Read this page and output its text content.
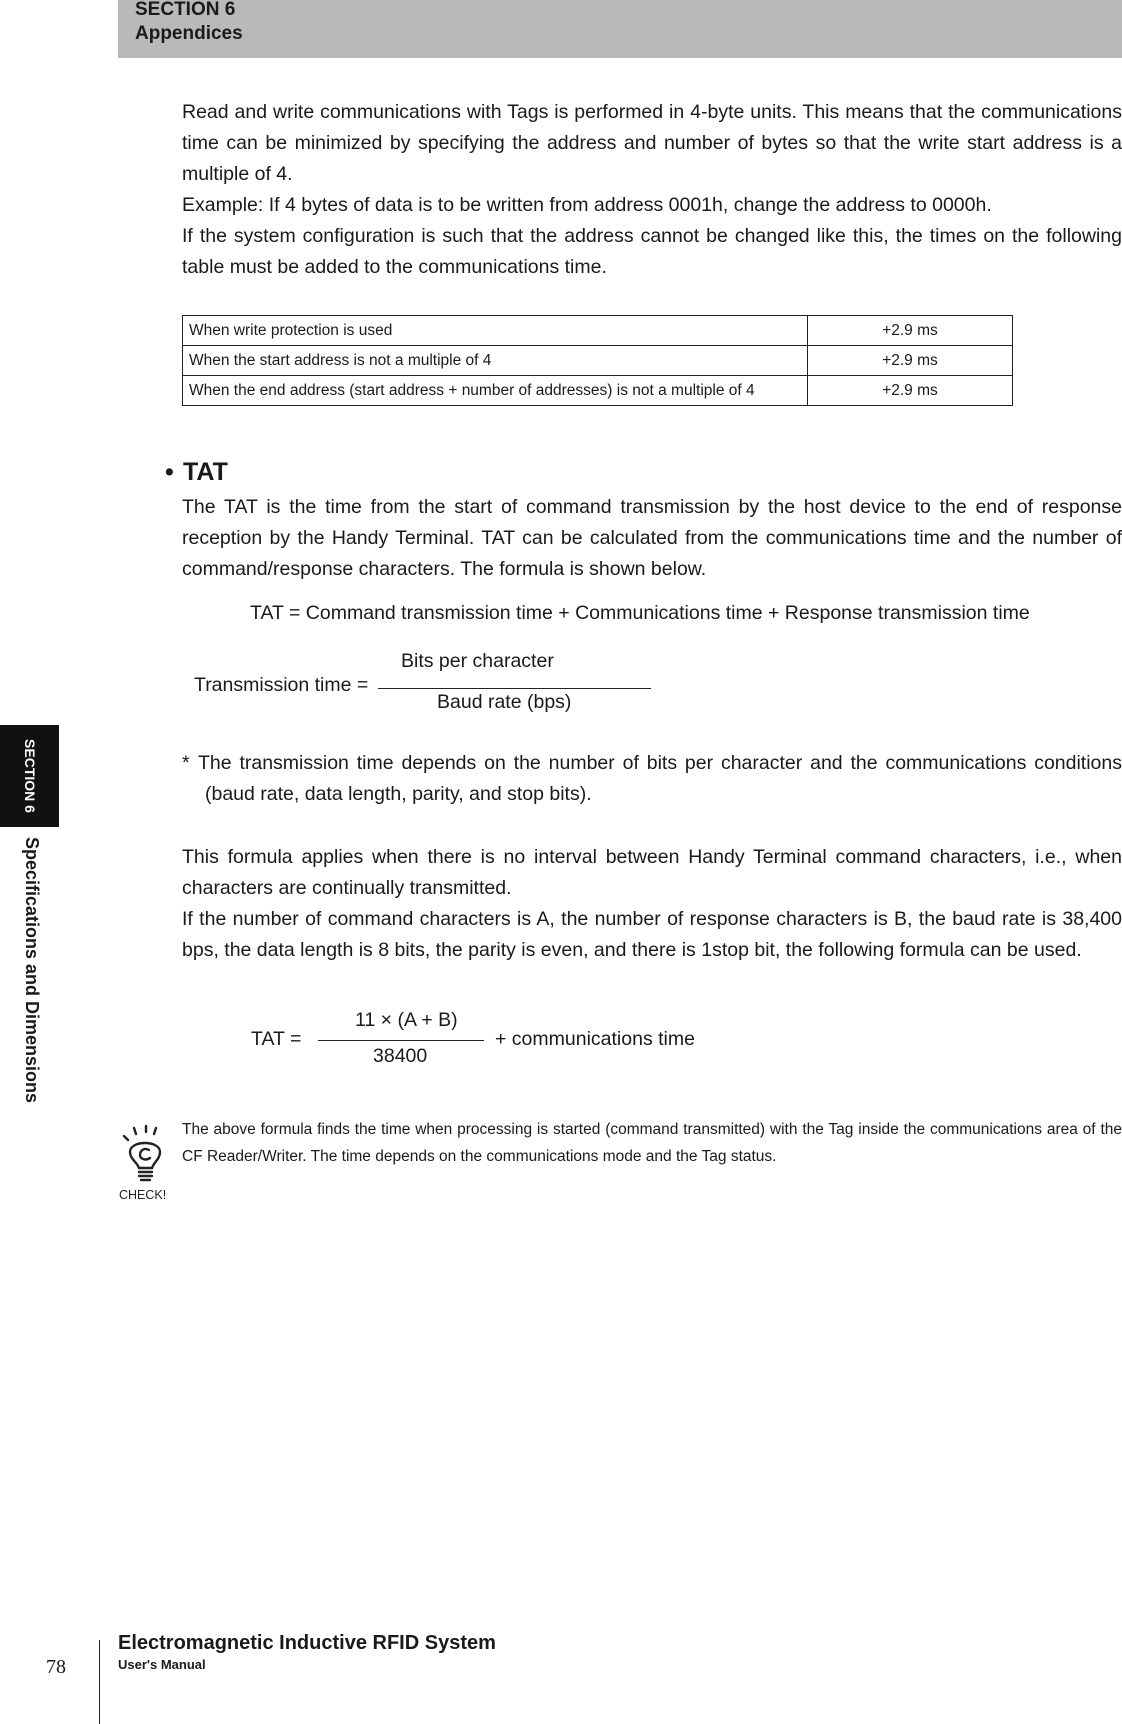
SECTION 6
Appendices

Read and write communications with Tags is performed in 4-byte units. This means that the communications time can be minimized by specifying the address and number of bytes so that the write start address is a multiple of 4.

Example: If 4 bytes of data is to be written from address 0001h, change the address to 0000h.

If the system configuration is such that the address cannot be changed like this, the times on the following table must be added to the communications time.

When write protection is used	+2.9 ms
When the start address is not a multiple of 4	+2.9 ms
When the end address (start address + number of addresses) is not a multiple of 4	+2.9 ms
• TAT

The TAT is the time from the start of command transmission by the host device to the end of response reception by the Handy Terminal. TAT can be calculated from the communications time and the number of command/response characters. The formula is shown below.

TAT = Command transmission time + Communications time + Response transmission time
Transmission time =
Bits per character
Baud rate (bps)
* The transmission time depends on the number of bits per character and the communications conditions (baud rate, data length, parity, and stop bits).

This formula applies when there is no interval between Handy Terminal command characters, i.e., when characters are continually transmitted.

If the number of command characters is A, the number of response characters is B, the baud rate is 38,400 bps, the data length is 8 bits, the parity is even, and there is 1stop bit, the following formula can be used.

TAT =
11 × (A + B)
38400
+ communications time
CHECK!

The above formula finds the time when processing is started (command transmitted) with the Tag inside the communications area of the CF Reader/Writer. The time depends on the communications mode and the Tag status.

SECTION 6
Specifications and Dimensions
78
Electromagnetic Inductive RFID System
User's Manual
